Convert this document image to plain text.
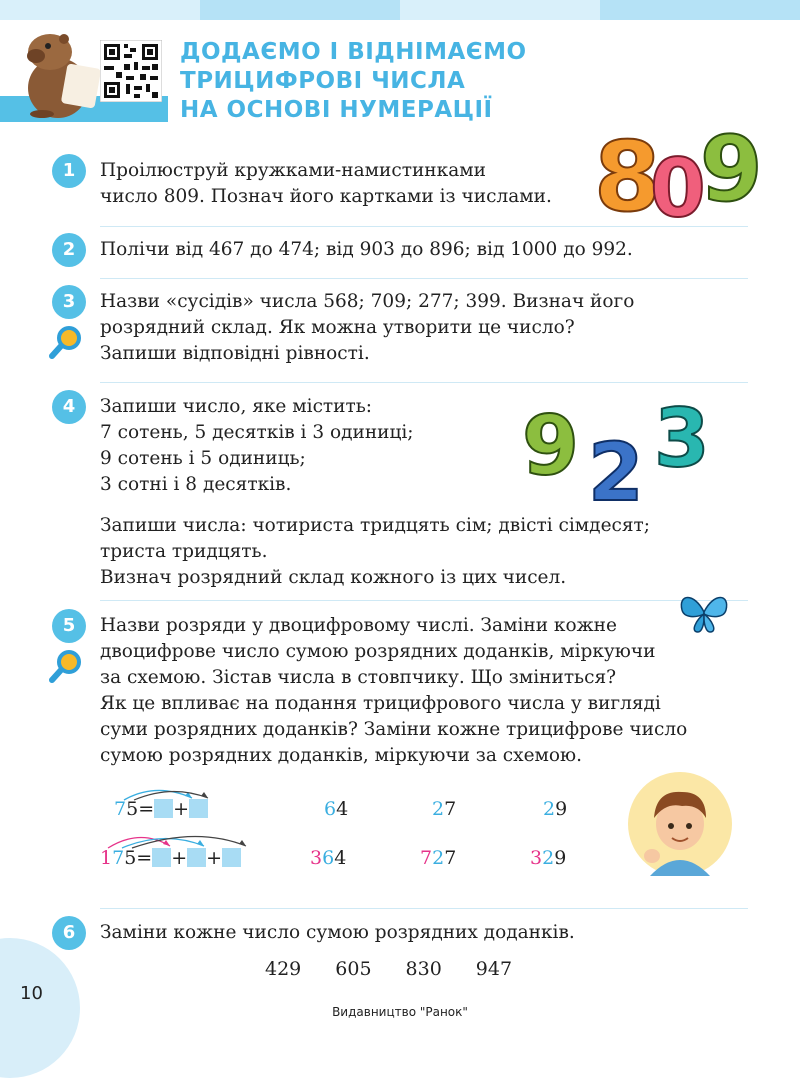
ДОДАЄМО І ВІДНІМАЄМО
ТРИЦИФРОВІ ЧИСЛА
НА ОСНОВІ НУМЕРАЦІЇ
8
0
9
1	Проілюструй кружками-намистинками
число 809. Познач його картками із числами.
2	Полічи від 467 до 474; від 903 до 896; від 1000 до 992.
3	Назви «сусідів» числа 568; 709; 277; 399. Визнач його
розрядний склад. Як можна утворити це число?
Запиши відповідні рівності.
4	Запиши число, яке містить:
7 сотень, 5 десятків і 3 одиниці;
9 сотень і 5 одиниць;
3 сотні і 8 десятків.	9 2 3
Запиши числа: чотириста тридцять сім; двісті сімдесят;
триста тридцять.
Визнач розрядний склад кожного із цих чисел.
5	Назви розряди у двоцифровому числі. Заміни кожне
двоцифрове число сумою розрядних доданків, міркуючи
за схемою. Зістав числа в стовпчику. Що зміниться?
Як це впливає на подання трицифрового числа у вигляді
суми розрядних доданків? Заміни кожне трицифрове число
сумою розрядних доданків, міркуючи за схемою.
75= +	64	27	29
175= + +	364	727	329
6	Заміни кожне число сумою розрядних доданків.
429 605 830 947
10
Видавництво "Ранок"
